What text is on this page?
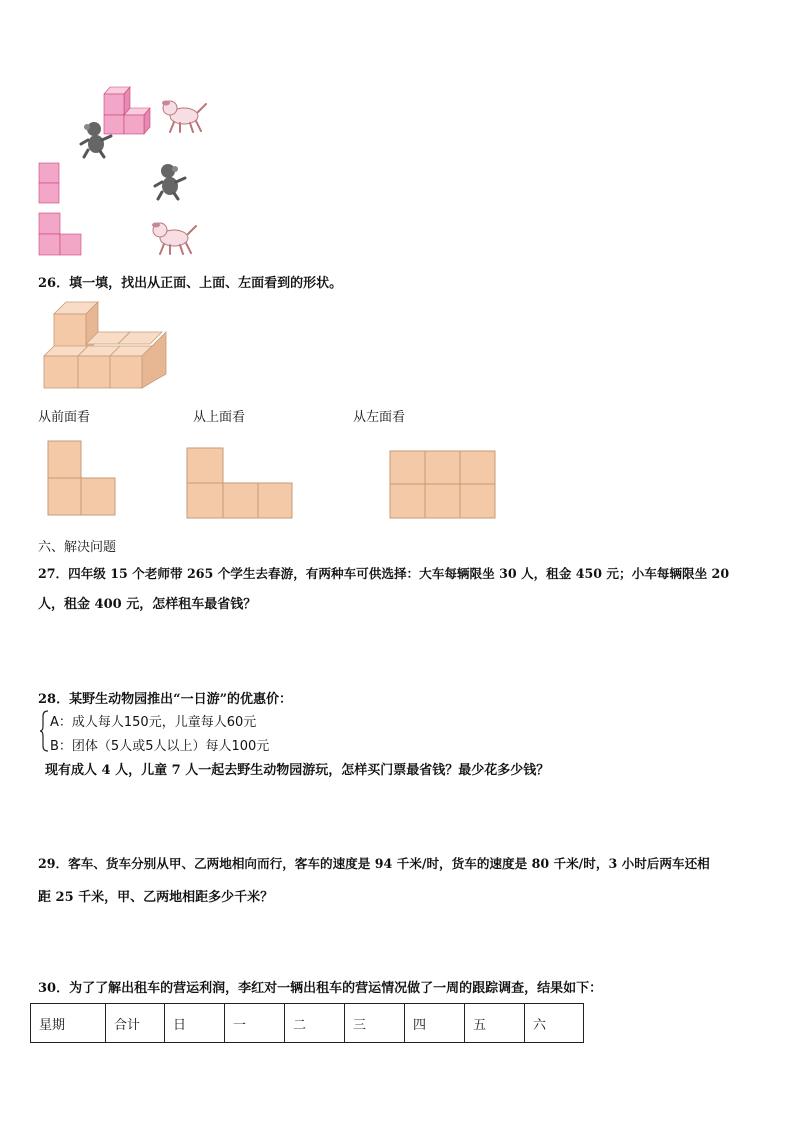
26．填一填，找出从正面、上面、左面看到的形状。
从前面看	从上面看	从左面看
六、解决问题
27．四年级 15 个老师带 265 个学生去春游，有两种车可供选择：大车每辆限坐 30 人，租金 450 元；小车每辆限坐 20
人，租金 400 元，怎样租车最省钱？
28．某野生动物园推出“一日游”的优惠价：
A：成人每人150元，儿童每人60元
B：团体（5人或5人以上）每人100元
现有成人 4 人，儿童 7 人一起去野生动物园游玩，怎样买门票最省钱？最少花多少钱？
29．客车、货车分别从甲、乙两地相向而行，客车的速度是 94 千米/时，货车的速度是 80 千米/时，3 小时后两车还相
距 25 千米，甲、乙两地相距多少千米？
30．为了了解出租车的营运利润，李红对一辆出租车的营运情况做了一周的跟踪调查，结果如下：
星期	合计	日	一	二	三	四	五	六
